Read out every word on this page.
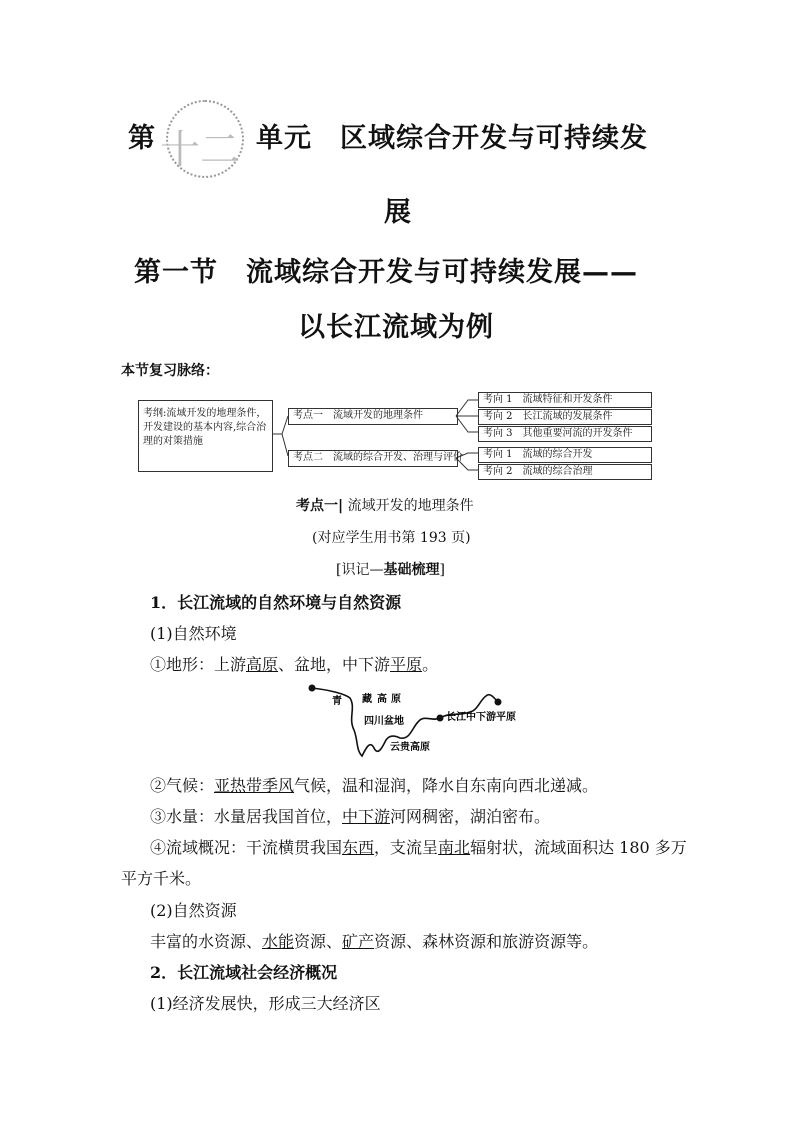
第	单元　区域综合开发与可持续发
十二
展
第一节　流域综合开发与可持续发展——
以长江流域为例
本节复习脉络：
考纲:流域开发的地理条件，开发建设的基本内容,综合治理的对策措施
考点一　流域开发的地理条件
考点二　流域的综合开发、治理与评价
考向 1　流域特征和开发条件
考向 2　长江流域的发展条件
考向 3　其他重要河流的开发条件
考向 1　流域的综合开发
考向 2　流域的综合治理
考点一| 流域开发的地理条件
(对应学生用书第 193 页)
[识记—基础梳理]
1．长江流域的自然环境与自然资源
(1)自然环境
①地形：上游高原、盆地，中下游平原。
青 藏 高 原
四川盆地
云贵高原
长江中下游平原
②气候：亚热带季风气候，温和湿润，降水自东南向西北递减。
③水量：水量居我国首位，中下游河网稠密，湖泊密布。
④流域概况：干流横贯我国东西，支流呈南北辐射状，流域面积达 180 多万
平方千米。
(2)自然资源
丰富的水资源、水能资源、矿产资源、森林资源和旅游资源等。
2．长江流域社会经济概况
(1)经济发展快，形成三大经济区
